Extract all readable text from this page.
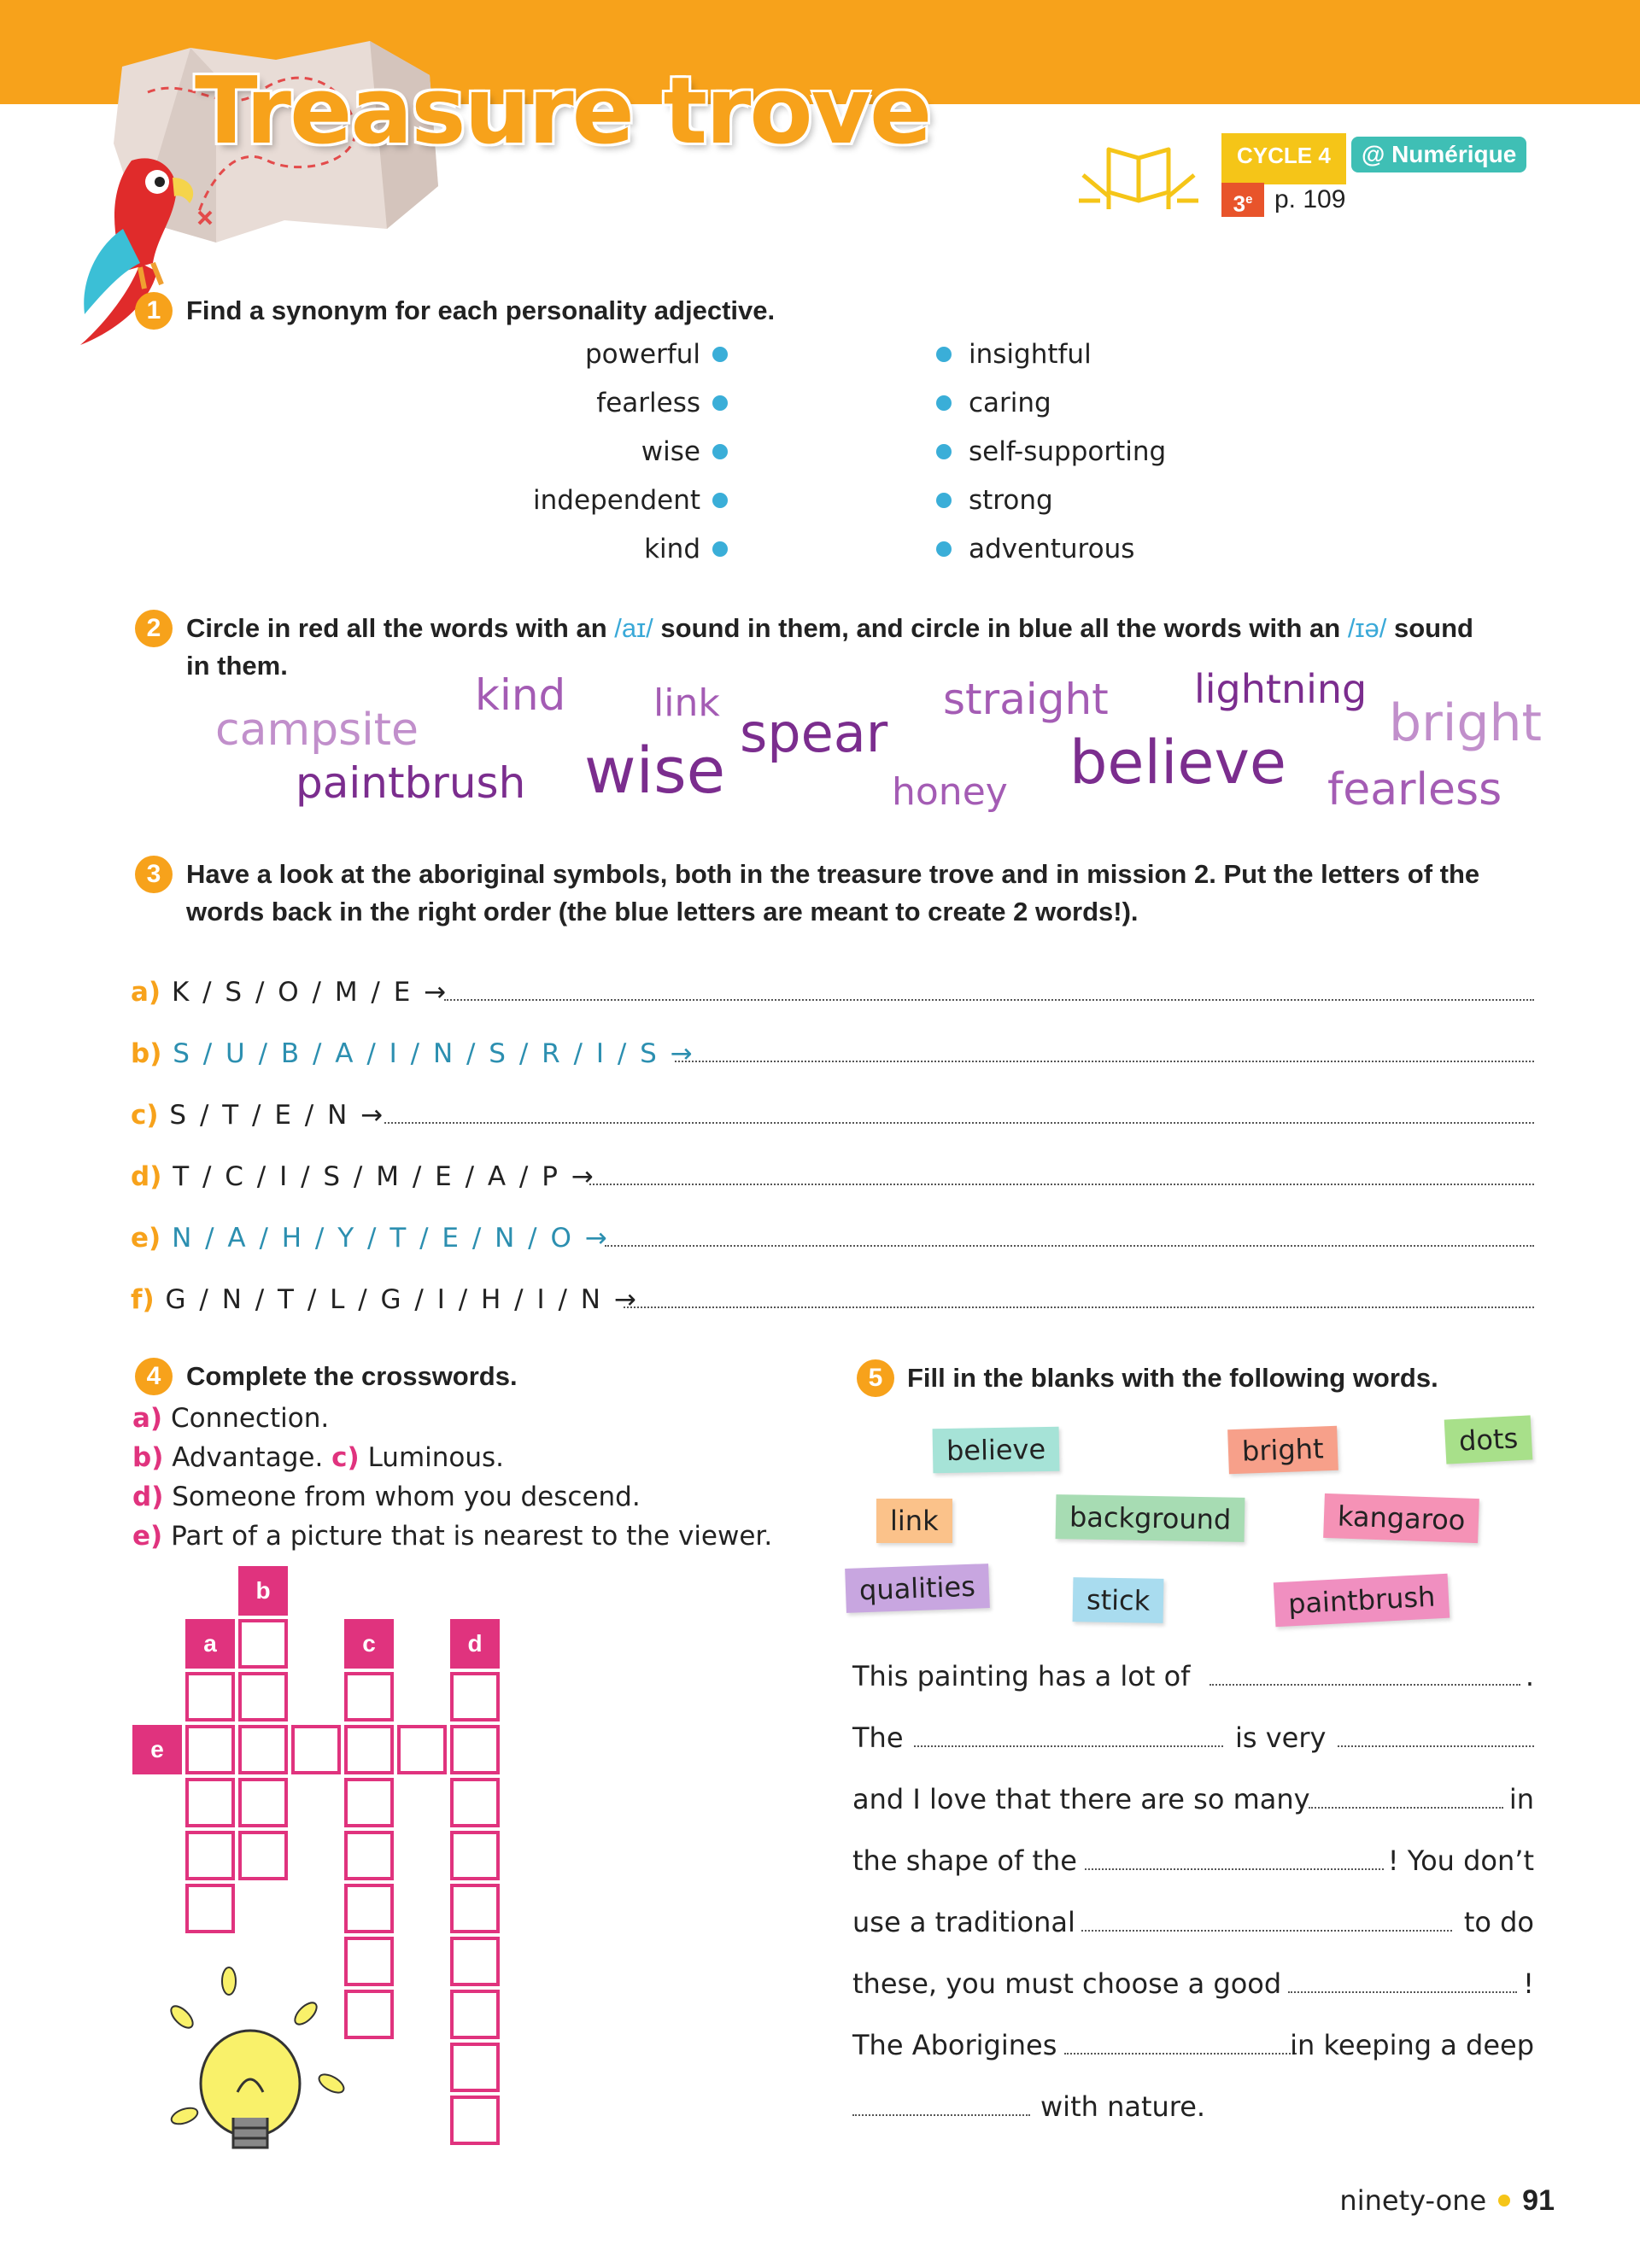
Treasure trove	CYCLE 4	@ Numérique
3e p. 109
1 Find a synonym for each personality adjective.
powerful
fearless
wise
independent
kind
insightful
caring
self-supporting
strong
adventurous
2 Circle in red all the words with an /aɪ/ sound in them, and circle in blue all the words with an /ɪə/ sound
in them.
kind link	straight lightning
campsite	spear	bright
paintbrush wise	believe
honey	fearless
3 Have a look at the aboriginal symbols, both in the treasure trove and in mission 2. Put the letters of the
words back in the right order (the blue letters are meant to create 2 words!).
a) K / S / O / M / E →
b) S / U / B / A / I / N / S / R / I / S →
c) S / T / E / N →
d) T / C / I / S / M / E / A / P →
e) N / A / H / Y / T / E / N / O →
f) G / N / T / L / G / I / H / I / N →
4 Complete the crosswords.
a) Connection.
b) Advantage. c) Luminous.
d) Someone from whom you descend.
e) Part of a picture that is nearest to the viewer.
b
a	c	d
e
5 Fill in the blanks with the following words.
believe	bright	dots
link	background	kangaroo
qualities	stick	paintbrush
This painting has a lot of	.
The	is very
and I love that there are so many	in
the shape of the	! You don’t
use a traditional	to do
these, you must choose a good	!
The Aborigines	in keeping a deep
with nature.
ninety-one 91
